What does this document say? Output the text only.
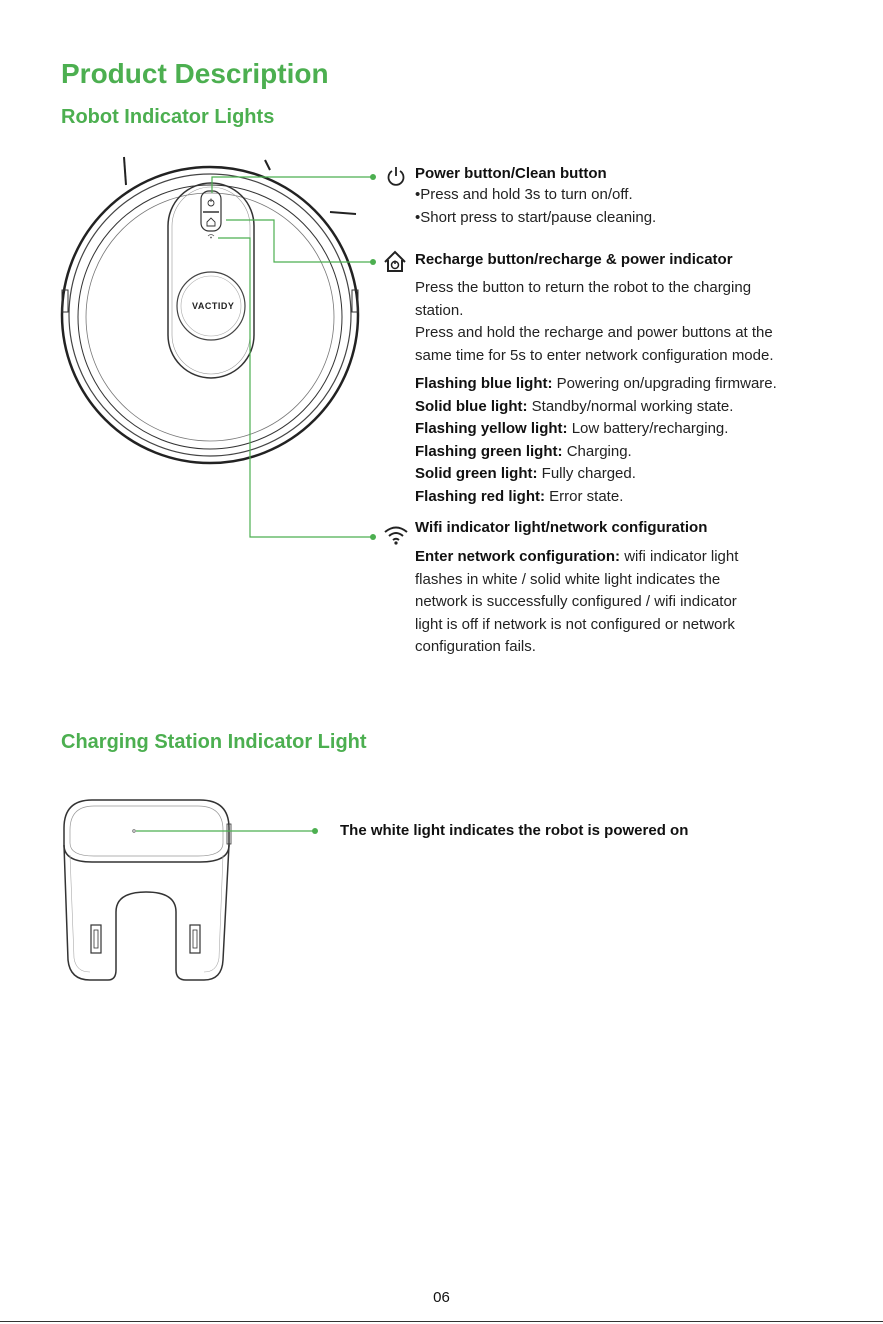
Product Description
Robot Indicator Lights
VACTIDY
Power button/Clean button
•Press and hold 3s to turn on/off.
•Short press to start/pause cleaning.
Recharge button/recharge & power indicator
Press the button to return the robot to the charging
station.
Press and hold the recharge and power buttons at the
same time for 5s to enter network configuration mode.
Flashing blue light: Powering on/upgrading firmware.
Solid blue light: Standby/normal working state.
Flashing yellow light: Low battery/recharging.
Flashing green light: Charging.
Solid green light: Fully charged.
Flashing red light: Error state.
Wifi indicator light/network configuration
Enter network configuration: wifi indicator light
flashes in white / solid white light indicates the
network is successfully configured / wifi indicator
light is off if network is not configured or network
configuration fails.
Charging Station Indicator Light
The white light indicates the robot is powered on
06
